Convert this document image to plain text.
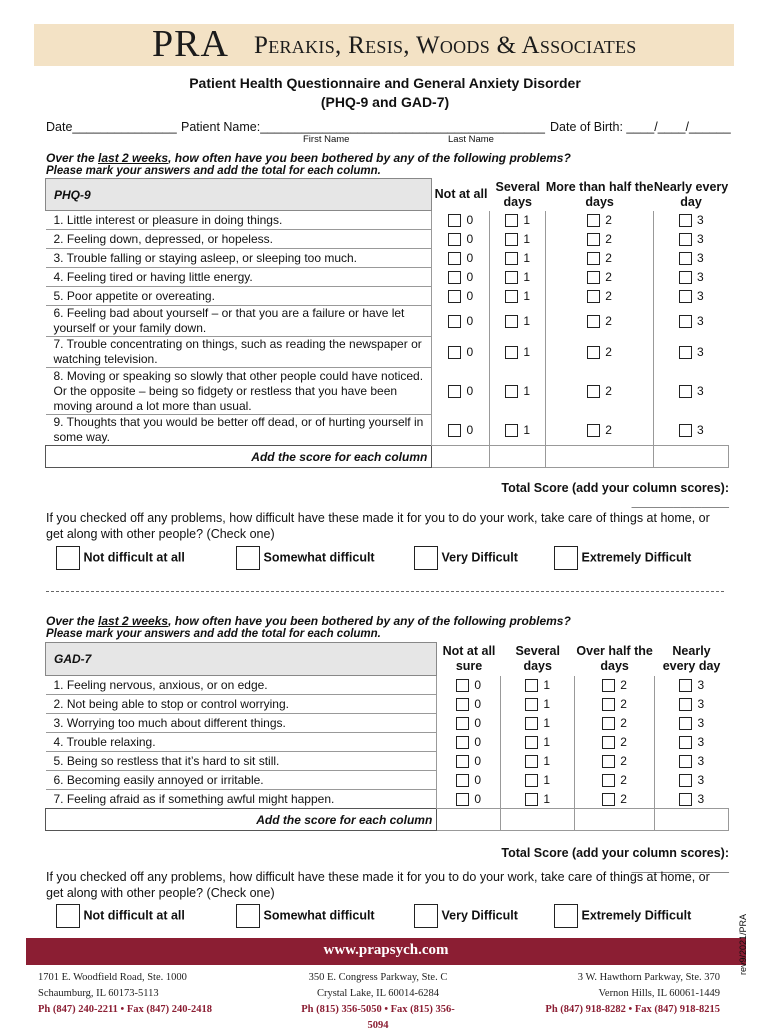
PRA Perakis, Resis, Woods & Associates
Patient Health Questionnaire and General Anxiety Disorder
(PHQ-9 and GAD-7)
Date_______________ Patient Name:____________________ _____________________ Date of Birth: ____/____/______
First Name	Last Name
Over the last 2 weeks, how often have you been bothered by any of the following problems?
Please mark your answers and add the total for each column.
PHQ-9	Not at all	Several days	More than half the days	Nearly every day
1. Little interest or pleasure in doing things.	0	1	2	3
2. Feeling down, depressed, or hopeless.	0	1	2	3
3. Trouble falling or staying asleep, or sleeping too much.	0	1	2	3
4. Feeling tired or having little energy.	0	1	2	3
5. Poor appetite or overeating.	0	1	2	3
6. Feeling bad about yourself – or that you are a failure or have let yourself or your family down.	0	1	2	3
7. Trouble concentrating on things, such as reading the newspaper or watching television.	0	1	2	3
8. Moving or speaking so slowly that other people could have noticed. Or the opposite – being so fidgety or restless that you have been moving around a lot more than usual.	0	1	2	3
9. Thoughts that you would be better off dead, or of hurting yourself in some way.	0	1	2	3
Add the score for each column				
Total Score (add your column scores): ______________
If you checked off any problems, how difficult have these made it for you to do your work, take care of things at home, or get along with other people? (Check one)
Not difficult at all	Somewhat difficult	Very Difficult	Extremely Difficult
Over the last 2 weeks, how often have you been bothered by any of the following problems?
Please mark your answers and add the total for each column.
GAD-7	Not at all sure	Several days	Over half the days	Nearly every day
1. Feeling nervous, anxious, or on edge.	0	1	2	3
2. Not being able to stop or control worrying.	0	1	2	3
3. Worrying too much about different things.	0	1	2	3
4. Trouble relaxing.	0	1	2	3
5. Being so restless that it’s hard to sit still.	0	1	2	3
6. Becoming easily annoyed or irritable.	0	1	2	3
7. Feeling afraid as if something awful might happen.	0	1	2	3
Add the score for each column				
Total Score (add your column scores): ______________
If you checked off any problems, how difficult have these made it for you to do your work, take care of things at home, or get along with other people? (Check one)
Not difficult at all	Somewhat difficult	Very Difficult	Extremely Difficult
www.prapsych.com
1701 E. Woodfield Road, Ste. 1000
Schaumburg, IL 60173-5113
Ph (847) 240-2211 • Fax (847) 240-2418
350 E. Congress Parkway, Ste. C
Crystal Lake, IL 60014-6284
Ph (815) 356-5050 • Fax (815) 356-5094
3 W. Hawthorn Parkway, Ste. 370
Vernon Hills, IL 60061-1449
Ph (847) 918-8282 • Fax (847) 918-8215
rev9/2021/PRA
